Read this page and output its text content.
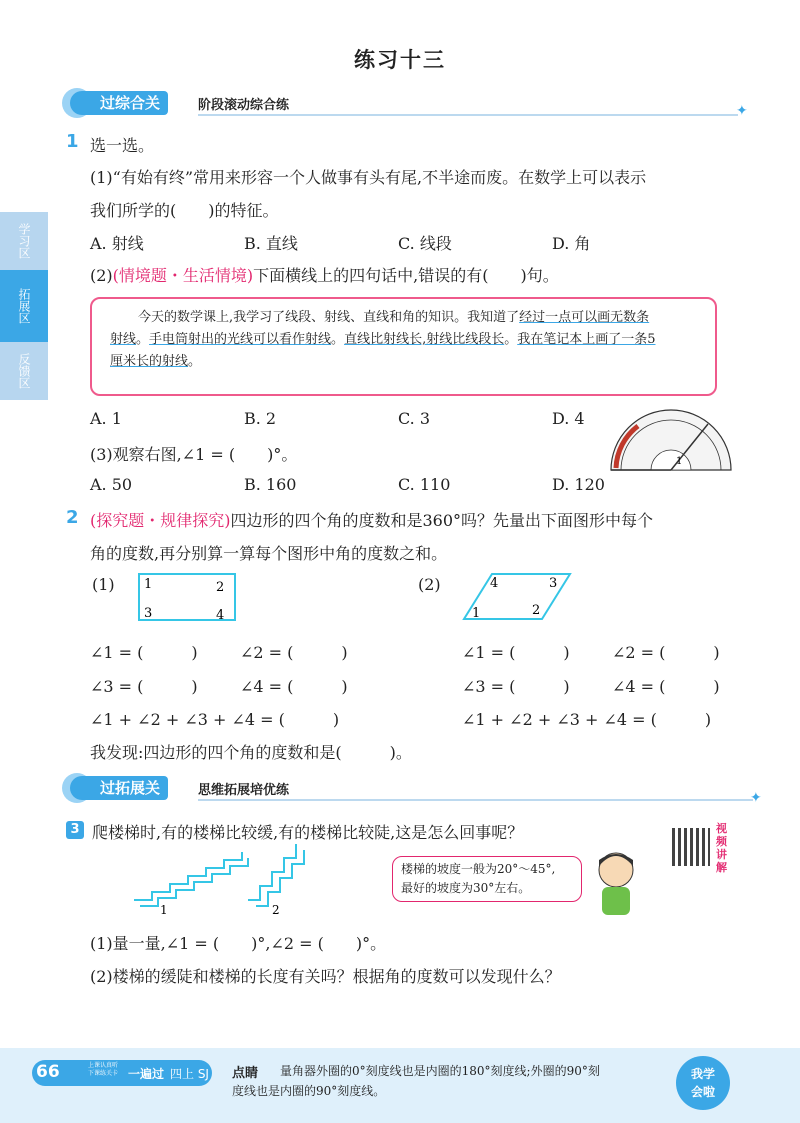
练习十三
学习区
拓展区
反馈区
过综合关	阶段滚动综合练	✦
1 选一选。
(1)“有始有终”常用来形容一个人做事有头有尾,不半途而废。在数学上可以表示
我们所学的(　　)的特征。
A. 射线	B. 直线	C. 线段	D. 角
(2)(情境题・生活情境)下面横线上的四句话中,错误的有(　　)句。
今天的数学课上,我学习了线段、射线、直线和角的知识。我知道了经过一点可以画无数条
射线。手电筒射出的光线可以看作射线。直线比射线长,射线比线段长。我在笔记本上画了一条5
厘米长的射线。
A. 1	B. 2	C. 3	D. 4
(3)观察右图,∠1 = (　　)°。
A. 50	B. 160	C. 110	D. 120
1
2 (探究题・规律探究)四边形的四个角的度数和是360°吗？先量出下面图形中每个
角的度数,再分别算一算每个图形中角的度数之和。
(1) 1	2
3	4
(2)	4	3
1	2
∠1 = (　　　)	∠2 = (　　　)	∠1 = (　　　)	∠2 = (　　　)
∠3 = (　　　)	∠4 = (　　　)	∠3 = (　　　)	∠4 = (　　　)
∠1 + ∠2 + ∠3 + ∠4 = (　　　)	∠1 + ∠2 + ∠3 + ∠4 = (　　　)
我发现:四边形的四个角的度数和是(　　　)。
过拓展关	思维拓展培优练	✦
3 爬楼梯时,有的楼梯比较缓,有的楼梯比较陡,这是怎么回事呢？	视频讲解
1	2
楼梯的坡度一般为20°～45°,
最好的坡度为30°左右。
(1)量一量,∠1 = (　　)°,∠2 = (　　)°。
(2)楼梯的缓陡和楼梯的长度有关吗？根据角的度数可以发现什么？
66	上课认真听
下课练关卡 一遍过 四上 SJ 点睛 量角器外圈的0°刻度线也是内圈的180°刻度线;外圈的90°刻
度线也是内圈的90°刻度线。
我学
会啦
